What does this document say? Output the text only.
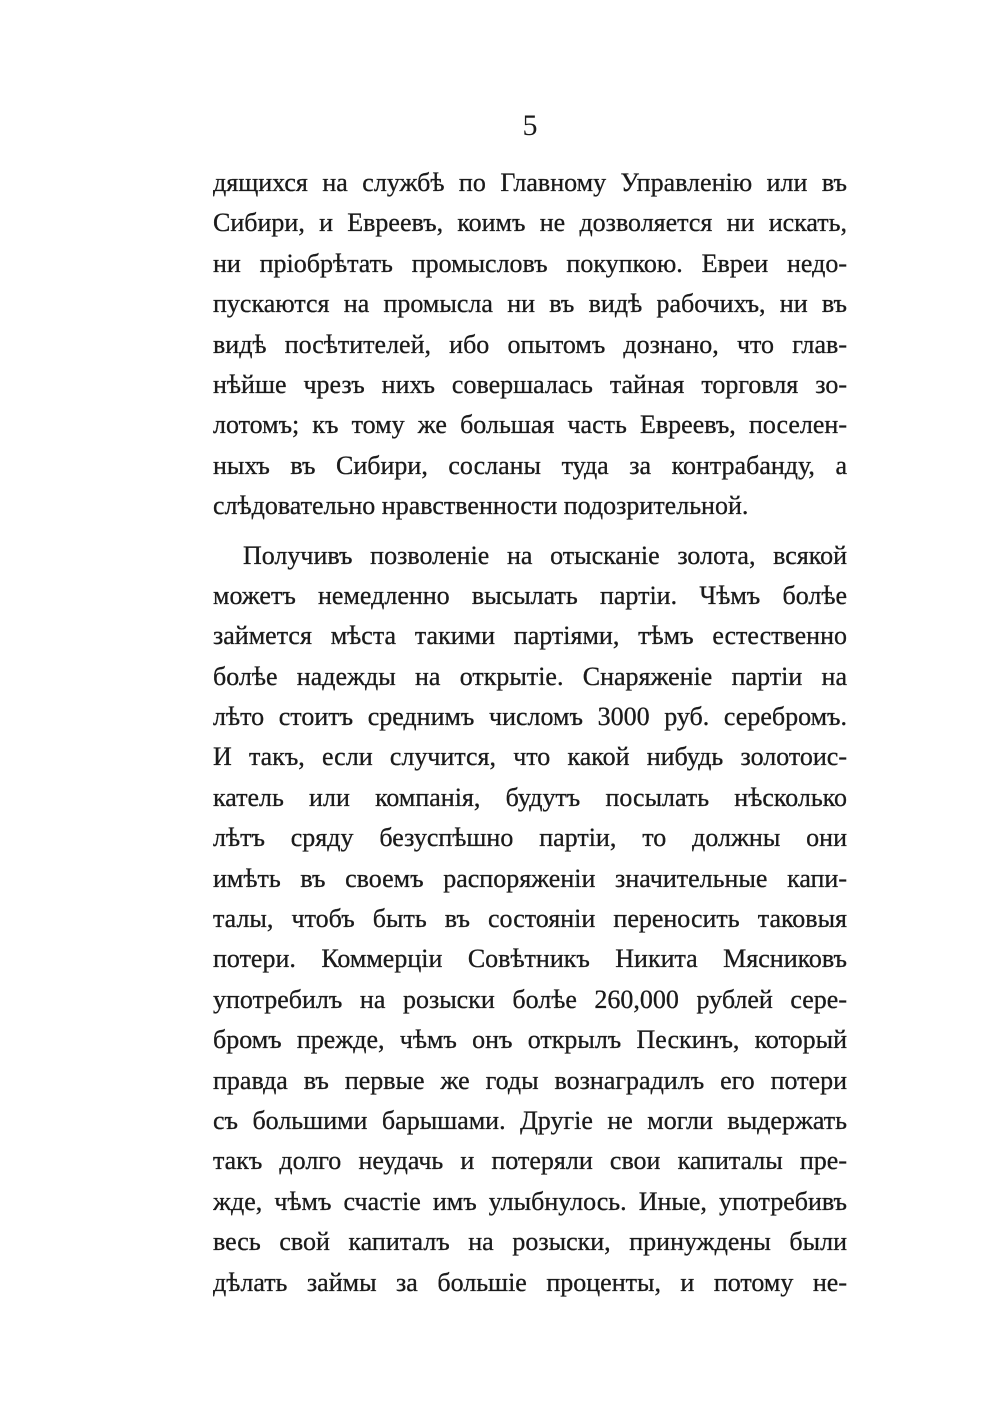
5
дящихся на службѣ по Главному Управленію или въ
Сибири, и Евреевъ, коимъ не дозволяется ни искать,
ни пріобрѣтать промысловъ покупкою. Евреи недо-
пускаются на промысла ни въ видѣ рабочихъ, ни въ
видѣ посѣтителей, ибо опытомъ дознано, что глав-
нѣйше чрезъ нихъ совершалась тайная торговля зо-
лотомъ; къ тому же большая часть Евреевъ, поселен-
ныхъ въ Сибири, сосланы туда за контрабанду, а
слѣдовательно нравственности подозрительной.
Получивъ позволеніе на отысканіе золота, всякой
можетъ немедленно высылать партіи. Чѣмъ болѣе
займется мѣста такими партіями, тѣмъ естественно
болѣе надежды на открытіе. Снаряженіе партіи на
лѣто стоитъ среднимъ числомъ 3000 руб. серебромъ.
И такъ, если случится, что какой нибудь золотоис-
катель или компанія, будутъ посылать нѣсколько
лѣтъ сряду безуспѣшно партіи, то должны они
имѣть въ своемъ распоряженіи значительные капи-
талы, чтобъ быть въ состояніи переносить таковыя
потери. Коммерціи Совѣтникъ Никита Мясниковъ
употребилъ на розыски болѣе 260,000 рублей сере-
бромъ прежде, чѣмъ онъ открылъ Пескинъ, который
правда въ первые же годы вознаградилъ его потери
съ большими барышами. Другіе не могли выдержать
такъ долго неудачь и потеряли свои капиталы пре-
жде, чѣмъ счастіе имъ улыбнулось. Иные, употребивъ
весь свой капиталъ на розыски, принуждены были
дѣлать займы за большіе проценты, и потому не-
